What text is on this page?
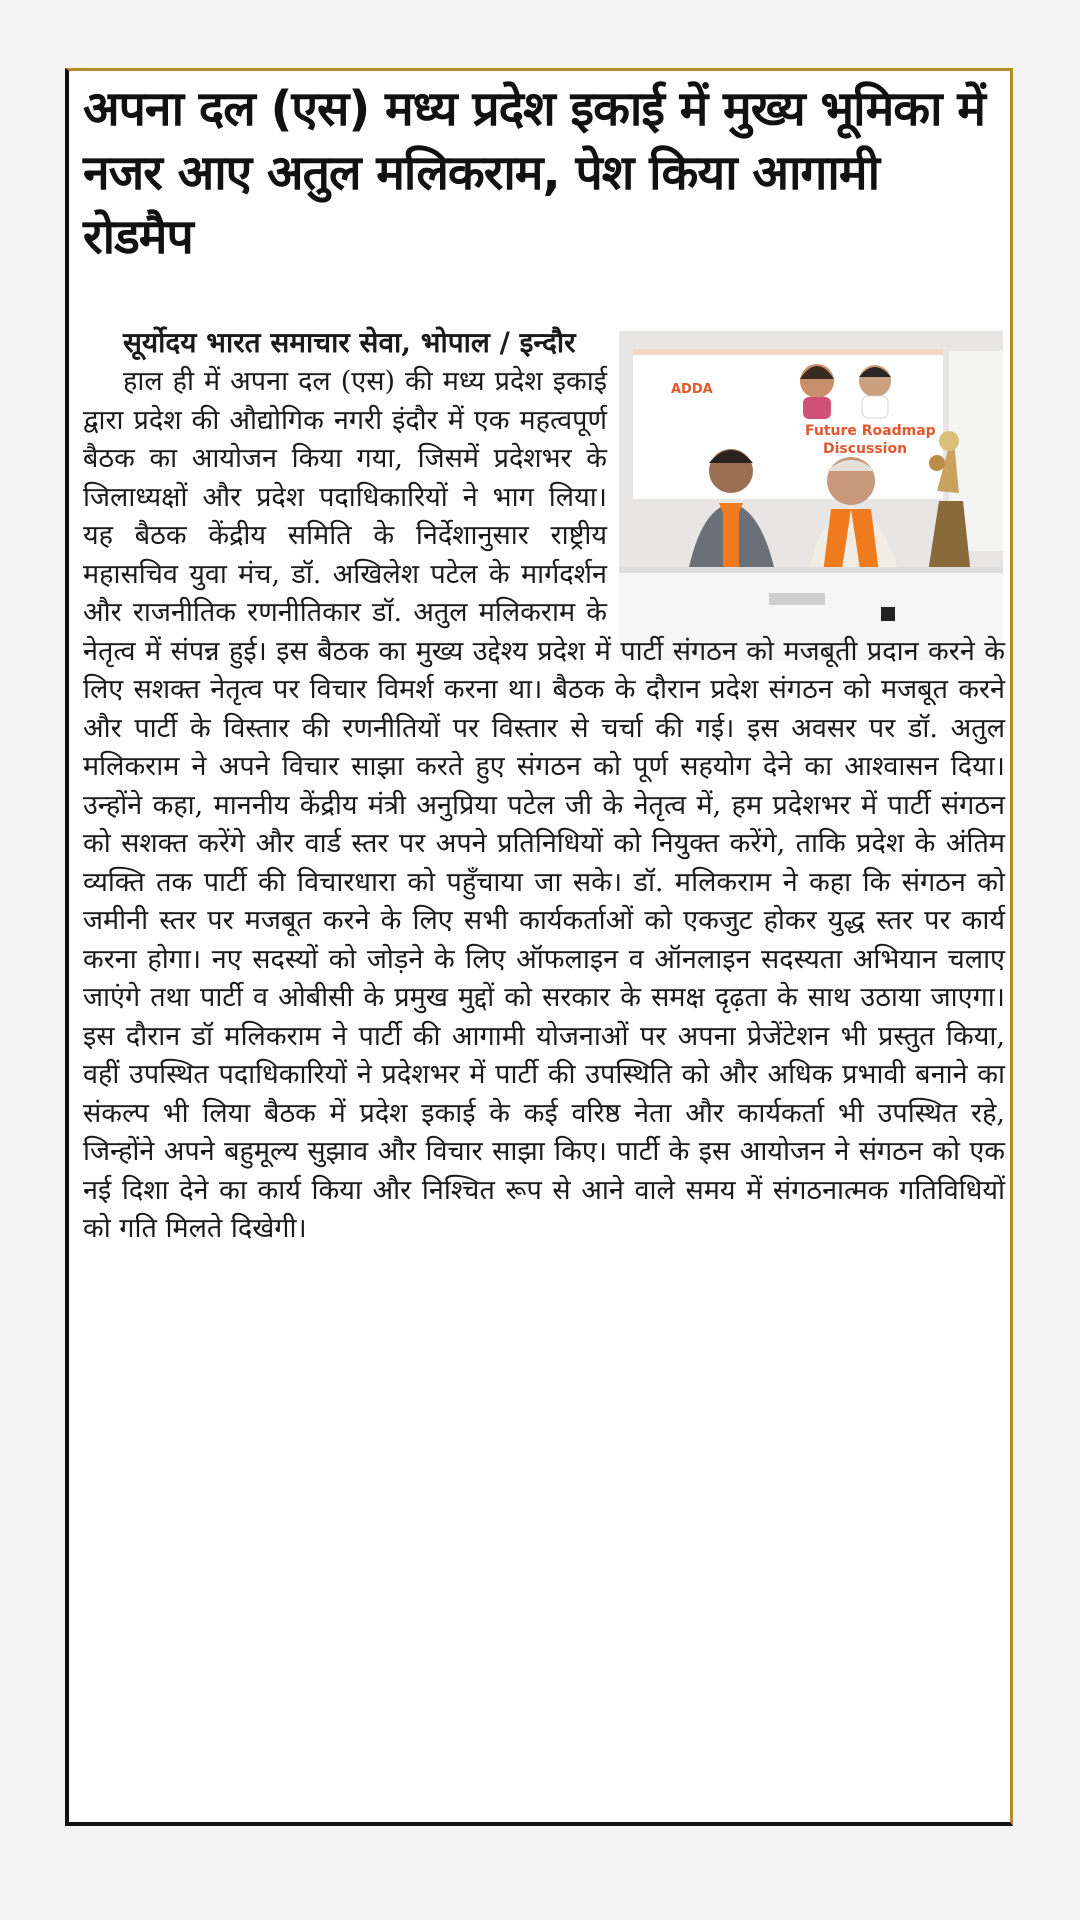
अपना दल (एस) मध्य प्रदेश इकाई में मुख्य भूमिका में नजर आए अतुल मलिकराम, पेश किया आगामी रोडमैप
ADDA
Future Roadmap
Discussion

सूर्योदय भारत समाचार सेवा, भोपाल / इन्दौर

हाल ही में अपना दल (एस) की मध्य प्रदेश इकाई द्वारा प्रदेश की औद्योगिक नगरी इंदौर में एक महत्वपूर्ण बैठक का आयोजन किया गया, जिसमें प्रदेशभर के जिलाध्यक्षों और प्रदेश पदाधिकारियों ने भाग लिया। यह बैठक केंद्रीय समिति के निर्देशानुसार राष्ट्रीय महासचिव युवा मंच, डॉ. अखिलेश पटेल के मार्गदर्शन और राजनीतिक रणनीतिकार डॉ. अतुल मलिकराम के नेतृत्व में संपन्न हुई। इस बैठक का मुख्य उद्देश्य प्रदेश में पार्टी संगठन को मजबूती प्रदान करने के लिए सशक्त नेतृत्व पर विचार विमर्श करना था। बैठक के दौरान प्रदेश संगठन को मजबूत करने और पार्टी के विस्तार की रणनीतियों पर विस्तार से चर्चा की गई। इस अवसर पर डॉ. अतुल मलिकराम ने अपने विचार साझा करते हुए संगठन को पूर्ण सहयोग देने का आश्वासन दिया। उन्होंने कहा, माननीय केंद्रीय मंत्री अनुप्रिया पटेल जी के नेतृत्व में, हम प्रदेशभर में पार्टी संगठन को सशक्त करेंगे और वार्ड स्तर पर अपने प्रतिनिधियों को नियुक्त करेंगे, ताकि प्रदेश के अंतिम व्यक्ति तक पार्टी की विचारधारा को पहुँचाया जा सके। डॉ. मलिकराम ने कहा कि संगठन को जमीनी स्तर पर मजबूत करने के लिए सभी कार्यकर्ताओं को एकजुट होकर युद्ध स्तर पर कार्य करना होगा। नए सदस्यों को जोड़ने के लिए ऑफलाइन व ऑनलाइन सदस्यता अभियान चलाए जाएंगे तथा पार्टी व ओबीसी के प्रमुख मुद्दों को सरकार के समक्ष दृढ़ता के साथ उठाया जाएगा। इस दौरान डॉ मलिकराम ने पार्टी की आगामी योजनाओं पर अपना प्रेजेंटेशन भी प्रस्तुत किया, वहीं उपस्थित पदाधिकारियों ने प्रदेशभर में पार्टी की उपस्थिति को और अधिक प्रभावी बनाने का संकल्प भी लिया बैठक में प्रदेश इकाई के कई वरिष्ठ नेता और कार्यकर्ता भी उपस्थित रहे, जिन्होंने अपने बहुमूल्य सुझाव और विचार साझा किए। पार्टी के इस आयोजन ने संगठन को एक नई दिशा देने का कार्य किया और निश्चित रूप से आने वाले समय में संगठनात्मक गतिविधियों को गति मिलते दिखेगी।
